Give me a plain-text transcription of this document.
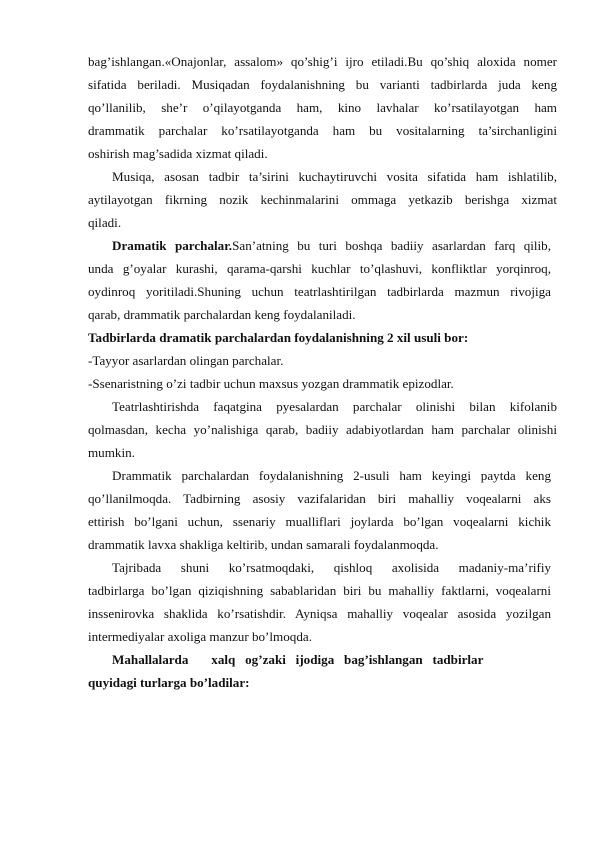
bag’ishlangan.«Onajonlar, assalom» qo’shig’i ijro etiladi.Bu qo’shiq aloxida nomer
sifatida beriladi. Musiqadan foydalanishning bu varianti tadbirlarda juda keng
qo’llanilib, she’r o’qilayotganda ham, kino lavhalar ko’rsatilayotgan ham
drammatik parchalar ko’rsatilayotganda ham bu vositalarning ta’sirchanligini
oshirish mag’sadida xizmat qiladi.
Musiqa, asosan tadbir ta’sirini kuchaytiruvchi vosita sifatida ham ishlatilib,
aytilayotgan fikrning nozik kechinmalarini ommaga yetkazib berishga xizmat
qiladi.
Dramatik parchalar.San’atning bu turi boshqa badiiy asarlardan farq qilib,
unda g’oyalar kurashi, qarama-qarshi kuchlar to’qlashuvi, konfliktlar yorqinroq,
oydinroq yoritiladi.Shuning uchun teatrlashtirilgan tadbirlarda mazmun rivojiga
qarab, drammatik parchalardan keng foydalaniladi.
Tadbirlarda dramatik parchalardan foydalanishning 2 xil usuli bor:
-Tayyor asarlardan olingan parchalar.
-Ssenaristning o’zi tadbir uchun maxsus yozgan drammatik epizodlar.
Teatrlashtirishda faqatgina pyesalardan parchalar olinishi bilan kifolanib
qolmasdan, kecha yo’nalishiga qarab, badiiy adabiyotlardan ham parchalar olinishi
mumkin.
Drammatik parchalardan foydalanishning 2-usuli ham keyingi paytda keng
qo’llanilmoqda. Tadbirning asosiy vazifalaridan biri mahalliy voqealarni aks
ettirish bo’lgani uchun, ssenariy mualliflari joylarda bo’lgan voqealarni kichik
drammatik lavxa shakliga keltirib, undan samarali foydalanmoqda.
Tajribada shuni ko’rsatmoqdaki, qishloq axolisida madaniy-ma’rifiy
tadbirlarga bo’lgan qiziqishning sabablaridan biri bu mahalliy faktlarni, voqealarni
inssenirovka shaklida ko’rsatishdir. Ayniqsa mahalliy voqealar asosida yozilgan
intermediyalar axoliga manzur bo’lmoqda.
Mahallalarda       xalq   og’zaki   ijodiga   bag’ishlangan   tadbirlar
quyidagi turlarga bo’ladilar:
